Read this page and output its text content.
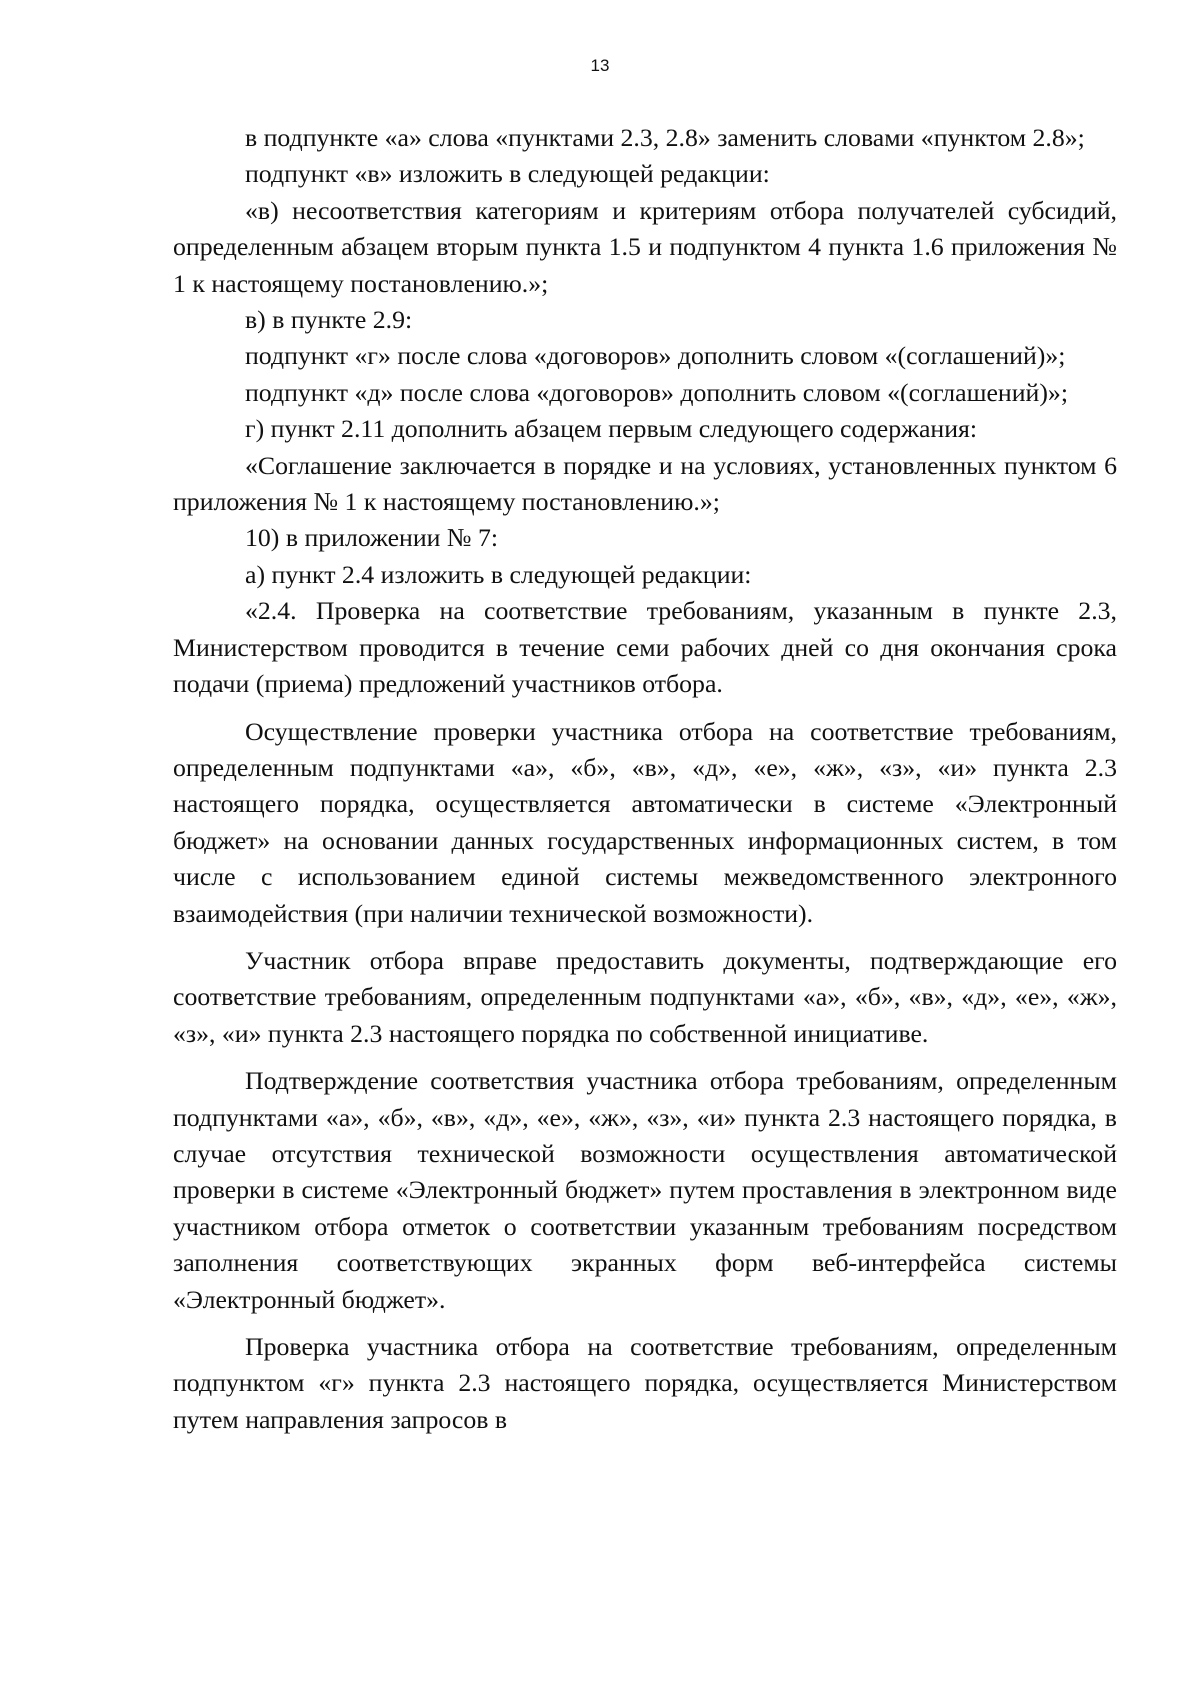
13

в подпункте «а» слова «пунктами 2.3, 2.8» заменить словами «пунктом 2.8»;

подпункт «в» изложить в следующей редакции:

«в) несоответствия категориям и критериям отбора получателей субсидий, определенным абзацем вторым пункта 1.5 и подпунктом 4 пункта 1.6 приложения № 1 к настоящему постановлению.»;

в) в пункте 2.9:

подпункт «г» после слова «договоров» дополнить словом «(соглашений)»;

подпункт «д» после слова «договоров» дополнить словом «(соглашений)»;

г) пункт 2.11 дополнить абзацем первым следующего содержания:

«Соглашение заключается в порядке и на условиях, установленных пунктом 6 приложения № 1 к настоящему постановлению.»;

10) в приложении № 7:

а) пункт 2.4 изложить в следующей редакции:

«2.4. Проверка на соответствие требованиям, указанным в пункте 2.3, Министерством проводится в течение семи рабочих дней со дня окончания срока подачи (приема) предложений участников отбора.

Осуществление проверки участника отбора на соответствие требованиям, определенным подпунктами «а», «б», «в», «д», «е», «ж», «з», «и» пункта 2.3 настоящего порядка, осуществляется автоматически в системе «Электронный бюджет» на основании данных государственных информационных систем, в том числе с использованием единой системы межведомственного электронного взаимодействия (при наличии технической возможности).

Участник отбора вправе предоставить документы, подтверждающие его соответствие требованиям, определенным подпунктами «а», «б», «в», «д», «е», «ж», «з», «и» пункта 2.3 настоящего порядка по собственной инициативе.

Подтверждение соответствия участника отбора требованиям, определенным подпунктами «а», «б», «в», «д», «е», «ж», «з», «и» пункта 2.3 настоящего порядка, в случае отсутствия технической возможности осуществления автоматической проверки в системе «Электронный бюджет» путем проставления в электронном виде участником отбора отметок о соответствии указанным требованиям посредством заполнения соответствующих экранных форм веб-интерфейса системы «Электронный бюджет».

Проверка участника отбора на соответствие требованиям, определенным подпунктом «г» пункта 2.3 настоящего порядка, осуществляется Министерством путем направления запросов в
